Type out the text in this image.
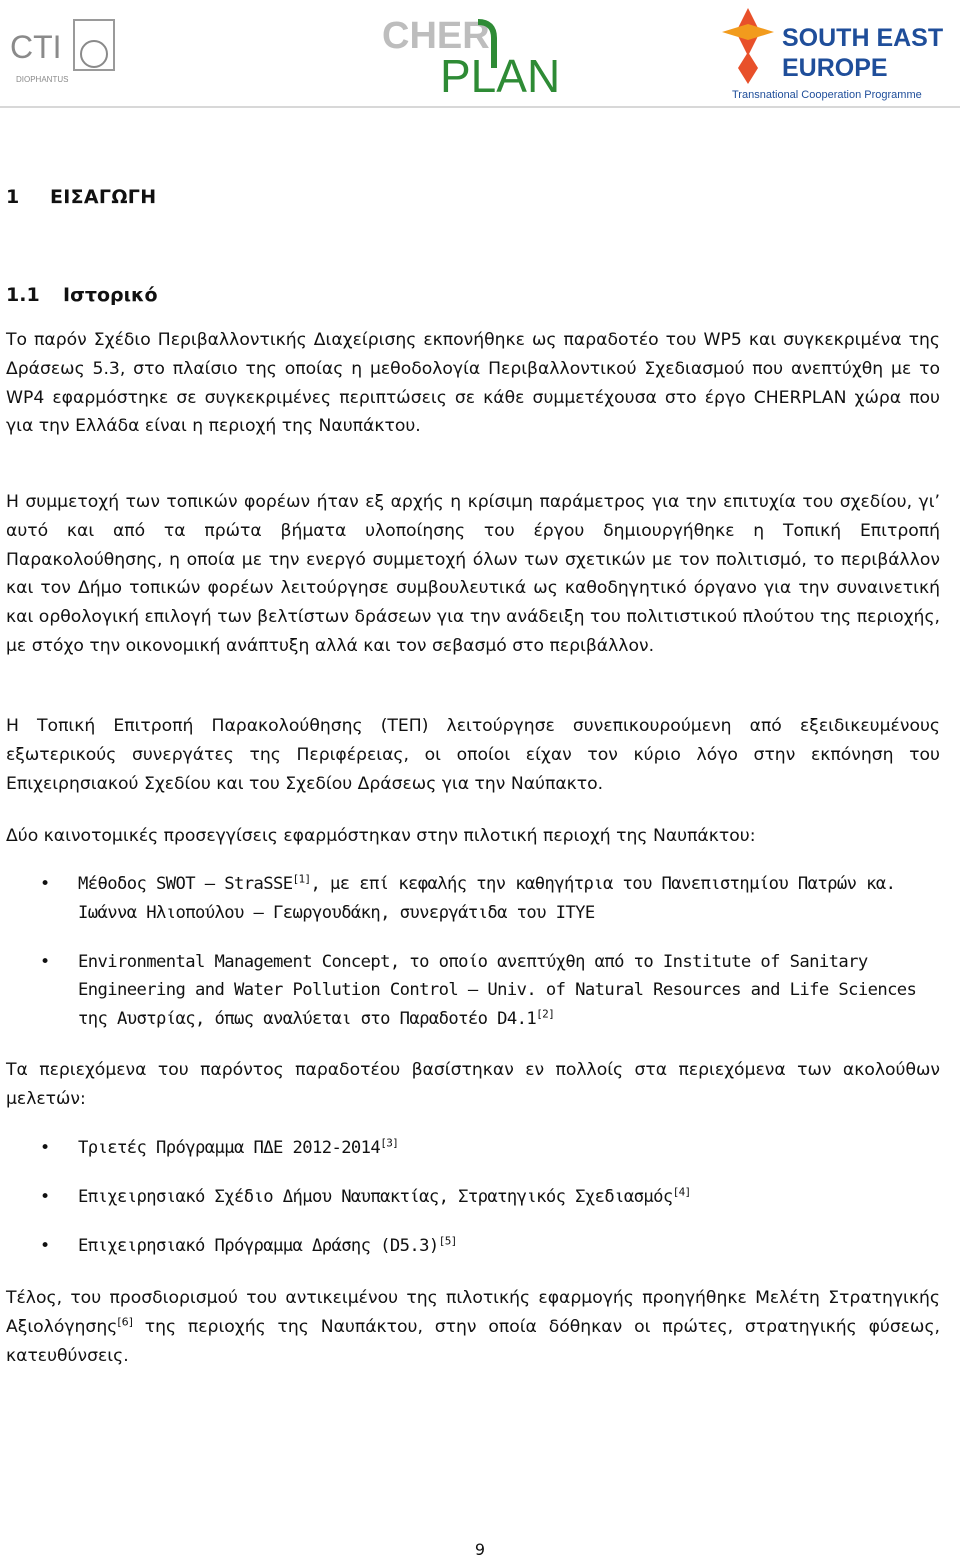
CTI
DIOPHANTUS
CHER
PLAN
SOUTH EAST
EUROPE
Transnational Cooperation Programme
1 ΕΙΣΑΓΩΓΗ
1.1 Ιστορικό

Το παρόν Σχέδιο Περιβαλλοντικής Διαχείρισης εκπονήθηκε ως παραδοτέο του WP5 και συγκεκριμένα της Δράσεως 5.3, στο πλαίσιο της οποίας η μεθοδολογία Περιβαλλοντικού Σχεδιασμού που ανεπτύχθη με το WP4 εφαρμόστηκε σε συγκεκριμένες περιπτώσεις σε κάθε συμμετέχουσα στο έργο CHERPLAN χώρα που για την Ελλάδα είναι η περιοχή της Ναυπάκτου.

Η συμμετοχή των τοπικών φορέων ήταν εξ αρχής η κρίσιμη παράμετρος για την επιτυχία του σχεδίου, γι’ αυτό και από τα πρώτα βήματα υλοποίησης του έργου δημιουργήθηκε η Τοπική Επιτροπή Παρακολούθησης, η οποία με την ενεργό συμμετοχή όλων των σχετικών με τον πολιτισμό, το περιβάλλον και τον Δήμο τοπικών φορέων λειτούργησε συμβουλευτικά ως καθοδηγητικό όργανο για την συναινετική και ορθολογική επιλογή των βελτίστων δράσεων για την ανάδειξη του πολιτιστικού πλούτου της περιοχής, με στόχο την οικονομική ανάπτυξη αλλά και τον σεβασμό στο περιβάλλον.

Η Τοπική Επιτροπή Παρακολούθησης (ΤΕΠ) λειτούργησε συνεπικουρούμενη από εξειδικευμένους εξωτερικούς συνεργάτες της Περιφέρειας, οι οποίοι είχαν τον κύριο λόγο στην εκπόνηση του Επιχειρησιακού Σχεδίου και του Σχεδίου Δράσεως για την Ναύπακτο.

Δύο καινοτομικές προσεγγίσεις εφαρμόστηκαν στην πιλοτική περιοχή της Ναυπάκτου:

• Μέθοδος SWOT – StraSSE[1], με επί κεφαλής την καθηγήτρια του Πανεπιστημίου Πατρών κα. Ιωάννα Ηλιοπούλου – Γεωργουδάκη, συνεργάτιδα του ΙΤΥΕ
• Environmental Management Concept, το οποίο ανεπτύχθη από το Institute of Sanitary Engineering and Water Pollution Control – Univ. of Natural Resources and Life Sciences της Αυστρίας, όπως αναλύεται στο Παραδοτέο D4.1[2]

Τα περιεχόμενα του παρόντος παραδοτέου βασίστηκαν εν πολλοίς στα περιεχόμενα των ακολούθων μελετών:

• Τριετές Πρόγραμμα ΠΔΕ 2012-2014[3]
• Επιχειρησιακό Σχέδιο Δήμου Ναυπακτίας, Στρατηγικός Σχεδιασμός[4]
• Επιχειρησιακό Πρόγραμμα Δράσης (D5.3)[5]

Τέλος, του προσδιορισμού του αντικειμένου της πιλοτικής εφαρμογής προηγήθηκε Μελέτη Στρατηγικής Αξιολόγησης[6] της περιοχής της Ναυπάκτου, στην οποία δόθηκαν οι πρώτες, στρατηγικής φύσεως, κατευθύνσεις.

9
